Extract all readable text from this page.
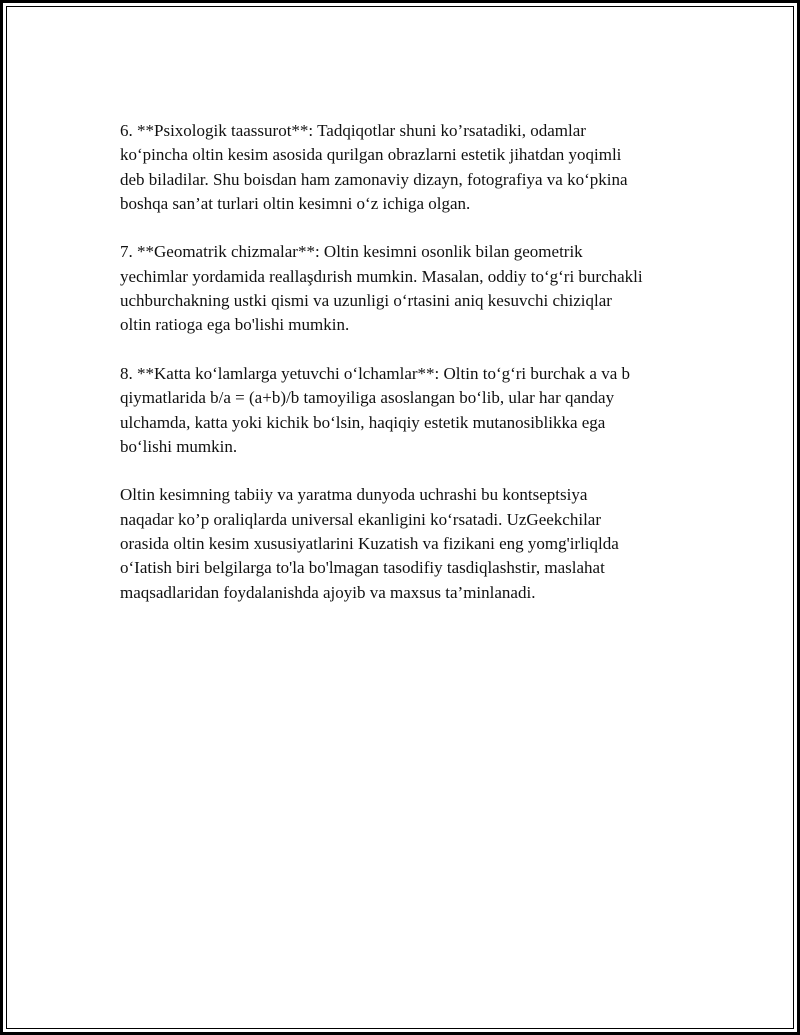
6. **Psixologik taassurot**: Tadqiqotlar shuni ko’rsatadiki, odamlar
ko‘pincha oltin kesim asosida qurilgan obrazlarni estetik jihatdan yoqimli
deb biladilar. Shu boisdan ham zamonaviy dizayn, fotografiya va ko‘pkina
boshqa san’at turlari oltin kesimni o‘z ichiga olgan.

7. **Geomatrik chizmalar**: Oltin kesimni osonlik bilan geometrik
yechimlar yordamida reallaşdırish mumkin. Masalan, oddiy to‘g‘ri burchakli
uchburchakning ustki qismi va uzunligi o‘rtasini aniq kesuvchi chiziqlar
oltin ratioga ega bo'lishi mumkin.

8. **Katta ko‘lamlarga yetuvchi o‘lchamlar**: Oltin to‘g‘ri burchak a va b
qiymatlarida b/a = (a+b)/b tamoyiliga asoslangan bo‘lib, ular har qanday
ulchamda, katta yoki kichik bo‘lsin, haqiqiy estetik mutanosiblikka ega
bo‘lishi mumkin.

Oltin kesimning tabiiy va yaratma dunyoda uchrashi bu kontseptsiya
naqadar ko’p oraliqlarda universal ekanligini ko‘rsatadi. UzGeekchilar
orasida oltin kesim xususiyatlarini Kuzatish va fizikani eng yomg'irliqlda
o‘Iatish biri belgilarga to'la bo'lmagan tasodifiy tasdiqlashstir, maslahat
maqsadlaridan foydalanishda ajoyib va maxsus ta’minlanadi.
